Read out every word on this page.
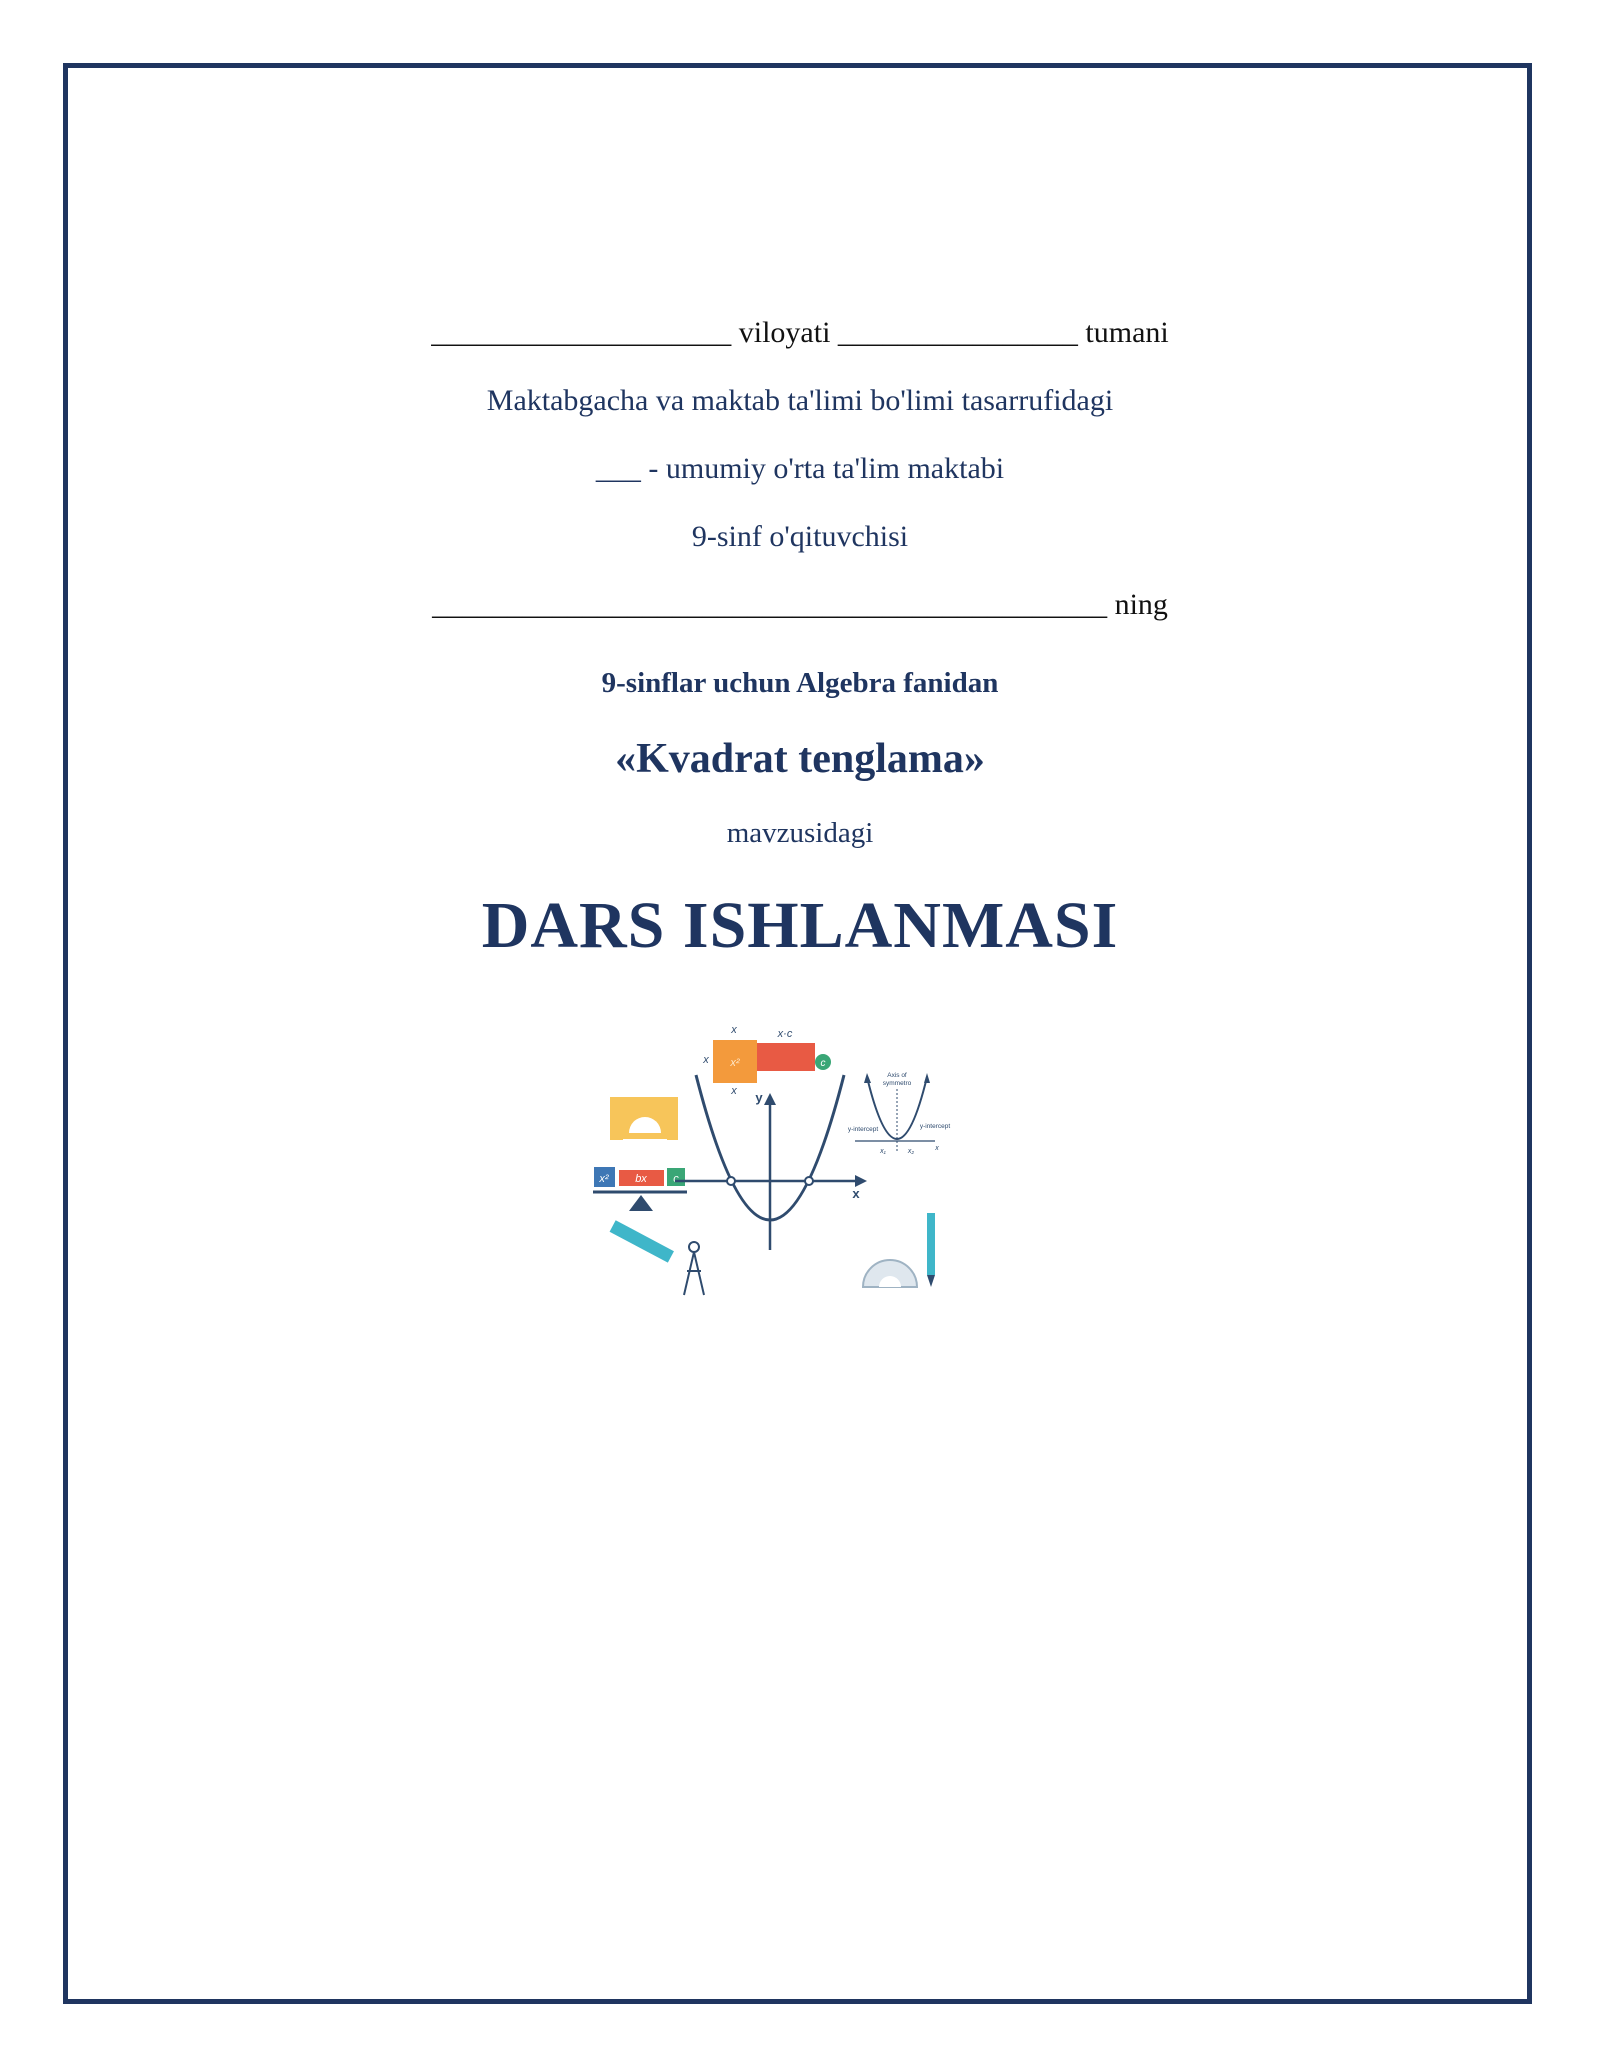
____________________ viloyati ________________ tumani
Maktabgacha va maktab ta'limi bo'limi tasarrufidagi
___ - umumiy o'rta ta'lim maktabi
9-sinf o'qituvchisi
_____________________________________________ ning
9-sinflar uchun Algebra fanidan
«Kvadrat tenglama»
mavzusidagi
DARS ISHLANMASI
x² bx c
x	x·c
x x²	c
x y
x
Axis of
symmetro
y-intercept	y-intercept
x₁	x₂	x
